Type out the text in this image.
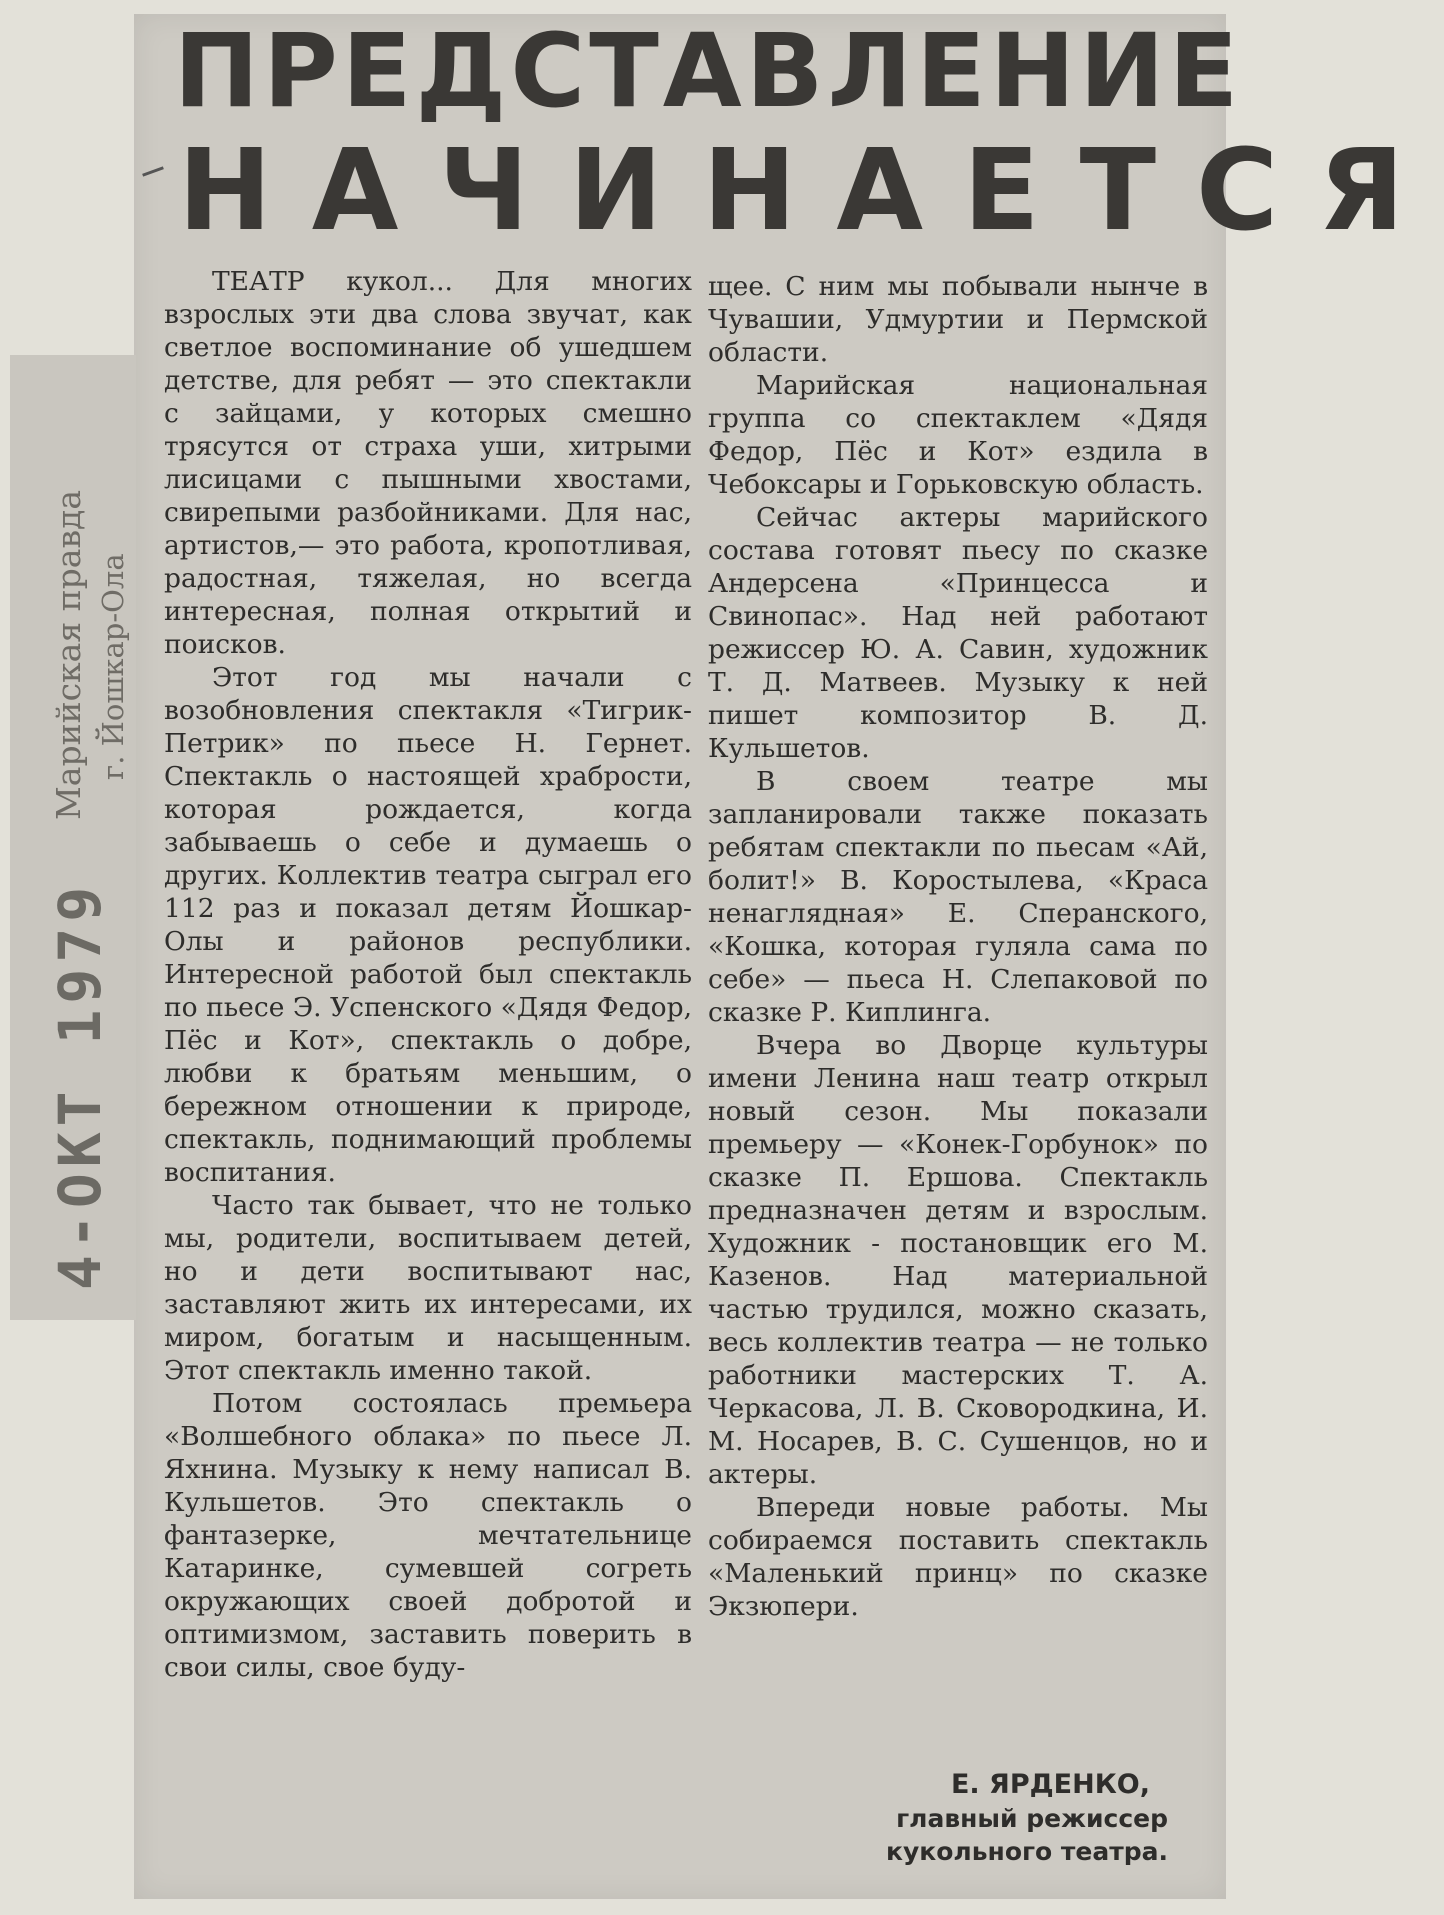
Марийская правда г. Йошкар-Ола
4-ОКТ 1979
ПРЕДСТАВЛЕНИЕ
НАЧИНАЕТСЯ

ТЕАТР кукол... Для многих взрослых эти два слова звучат, как светлое воспоминание об ушедшем детстве, для ребят — это спектакли с зайцами, у которых смешно трясутся от страха уши, хитрыми лисицами с пышными хвостами, свирепыми разбойниками. Для нас, артистов,— это работа, кропотливая, радостная, тяжелая, но всегда интересная, полная открытий и поисков.

Этот год мы начали с возобновления спектакля «Тигрик-Петрик» по пьесе Н. Гернет. Спектакль о настоящей храбрости, которая рождается, когда забываешь о себе и думаешь о других. Коллектив театра сыграл его 112 раз и показал детям Йошкар-Олы и районов республики. Интересной работой был спектакль по пьесе Э. Успенского «Дядя Федор, Пёс и Кот», спектакль о добре, любви к братьям меньшим, о бережном отношении к природе, спектакль, поднимающий проблемы воспитания.

Часто так бывает, что не только мы, родители, воспитываем детей, но и дети воспитывают нас, заставляют жить их интересами, их миром, богатым и насыщенным. Этот спектакль именно такой.

Потом состоялась премьера «Волшебного облака» по пьесе Л. Яхнина. Музыку к нему написал В. Кульшетов. Это спектакль о фантазерке, мечтательнице Катаринке, сумевшей согреть окружающих своей добротой и оптимизмом, заставить поверить в свои силы, свое буду-

щее. С ним мы побывали нынче в Чувашии, Удмуртии и Пермской области.

Марийская национальная группа со спектаклем «Дядя Федор, Пёс и Кот» ездила в Чебоксары и Горьковскую область.

Сейчас актеры марийского состава готовят пьесу по сказке Андерсена «Принцесса и Свинопас». Над ней работают режиссер Ю. А. Савин, художник Т. Д. Матвеев. Музыку к ней пишет композитор В. Д. Кульшетов.

В своем театре мы запланировали также показать ребятам спектакли по пьесам «Ай, болит!» В. Коростылева, «Краса ненаглядная» Е. Сперанского, «Кошка, которая гуляла сама по себе» — пьеса Н. Слепаковой по сказке Р. Киплинга.

Вчера во Дворце культуры имени Ленина наш театр открыл новый сезон. Мы показали премьеру — «Конек-Горбунок» по сказке П. Ершова. Спектакль предназначен детям и взрослым. Художник - постановщик его М. Казенов. Над материальной частью трудился, можно сказать, весь коллектив театра — не только работники мастерских Т. А. Черкасова, Л. В. Сковородкина, И. М. Носарев, В. С. Сушенцов, но и актеры.

Впереди новые работы. Мы собираемся поставить спектакль «Маленький принц» по сказке Экзюпери.

Е. ЯРДЕНКО,
главный режиссер
кукольного театра.
